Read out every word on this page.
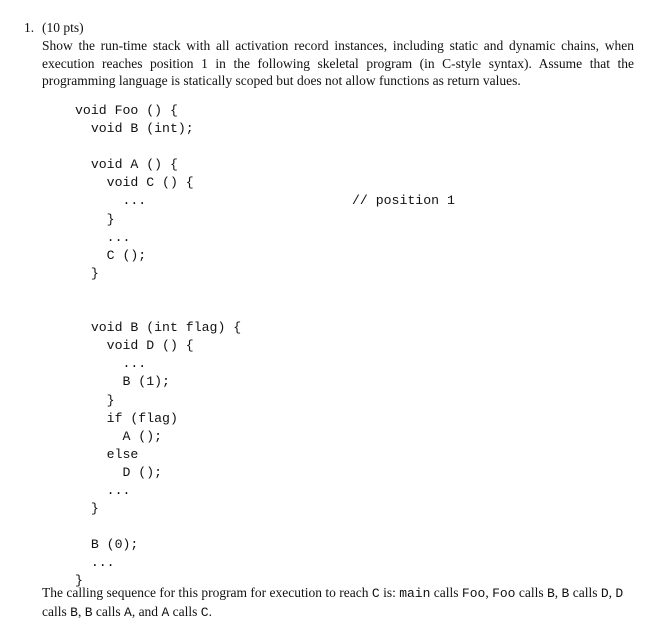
1. (10 pts)

Show the run-time stack with all activation record instances, including static and dynamic chains, when execution reaches position 1 in the following skeletal program (in C-style syntax). Assume that the programming language is statically scoped but does not allow functions as return values.

void Foo () {
void B (int);
void A () {
void C () {
...                          // position 1
}
...
C ();
}
void B (int flag) {
void D () {
...
B (1);
}
if (flag)
A ();
else
D ();
...
}
B (0);
...
}

The calling sequence for this program for execution to reach C is: main calls Foo, Foo calls B, B calls D, D calls B, B calls A, and A calls C.
